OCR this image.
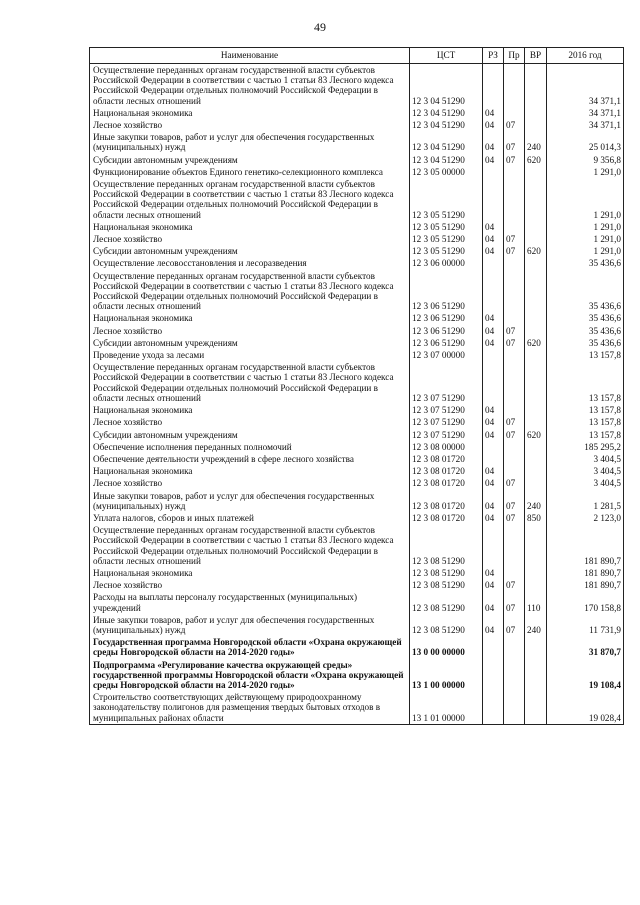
49
Наименование	ЦСТ	РЗ	Пр	ВР	2016 год
Осуществление переданных органам государственной власти субъектов Российской Федерации в соответствии с частью 1 статьи 83 Лесного кодекса Российской Федерации отдельных полномочий Российской Федерации в области лесных отношений	12 3 04 51290				34 371,1
Национальная экономика	12 3 04 51290	04			34 371,1
Лесное хозяйство	12 3 04 51290	04	07		34 371,1
Иные закупки товаров, работ и услуг для обеспечения государственных (муниципальных) нужд	12 3 04 51290	04	07	240	25 014,3
Субсидии автономным учреждениям	12 3 04 51290	04	07	620	9 356,8
Функционирование объектов Единого генетико-селекционного комплекса	12 3 05 00000				1 291,0
Осуществление переданных органам государственной власти субъектов Российской Федерации в соответствии с частью 1 статьи 83 Лесного кодекса Российской Федерации отдельных полномочий Российской Федерации в области лесных отношений	12 3 05 51290				1 291,0
Национальная экономика	12 3 05 51290	04			1 291,0
Лесное хозяйство	12 3 05 51290	04	07		1 291,0
Субсидии автономным учреждениям	12 3 05 51290	04	07	620	1 291,0
Осуществление лесовосстановления и лесоразведения	12 3 06 00000				35 436,6
Осуществление переданных органам государственной власти субъектов Российской Федерации в соответствии с частью 1 статьи 83 Лесного кодекса Российской Федерации отдельных полномочий Российской Федерации в области лесных отношений	12 3 06 51290				35 436,6
Национальная экономика	12 3 06 51290	04			35 436,6
Лесное хозяйство	12 3 06 51290	04	07		35 436,6
Субсидии автономным учреждениям	12 3 06 51290	04	07	620	35 436,6
Проведение ухода за лесами	12 3 07 00000				13 157,8
Осуществление переданных органам государственной власти субъектов Российской Федерации в соответствии с частью 1 статьи 83 Лесного кодекса Российской Федерации отдельных полномочий Российской Федерации в области лесных отношений	12 3 07 51290				13 157,8
Национальная экономика	12 3 07 51290	04			13 157,8
Лесное хозяйство	12 3 07 51290	04	07		13 157,8
Субсидии автономным учреждениям	12 3 07 51290	04	07	620	13 157,8
Обеспечение исполнения переданных полномочий	12 3 08 00000				185 295,2
Обеспечение деятельности учреждений в сфере лесного хозяйства	12 3 08 01720				3 404,5
Национальная экономика	12 3 08 01720	04			3 404,5
Лесное хозяйство	12 3 08 01720	04	07		3 404,5
Иные закупки товаров, работ и услуг для обеспечения государственных (муниципальных) нужд	12 3 08 01720	04	07	240	1 281,5
Уплата налогов, сборов и иных платежей	12 3 08 01720	04	07	850	2 123,0
Осуществление переданных органам государственной власти субъектов Российской Федерации в соответствии с частью 1 статьи 83 Лесного кодекса Российской Федерации отдельных полномочий Российской Федерации в области лесных отношений	12 3 08 51290				181 890,7
Национальная экономика	12 3 08 51290	04			181 890,7
Лесное хозяйство	12 3 08 51290	04	07		181 890,7
Расходы на выплаты персоналу государственных (муниципальных) учреждений	12 3 08 51290	04	07	110	170 158,8
Иные закупки товаров, работ и услуг для обеспечения государственных (муниципальных) нужд	12 3 08 51290	04	07	240	11 731,9
Государственная программа Новгородской области «Охрана окружающей среды Новгородской области на 2014-2020 годы»	13 0 00 00000				31 870,7
Подпрограмма «Регулирование качества окружающей среды» государственной программы Новгородской области «Охрана окружающей среды Новгородской области на 2014-2020 годы»	13 1 00 00000				19 108,4
Строительство соответствующих действующему природоохранному законодательству полигонов для размещения твердых бытовых отходов в муниципальных районах области	13 1 01 00000				19 028,4
